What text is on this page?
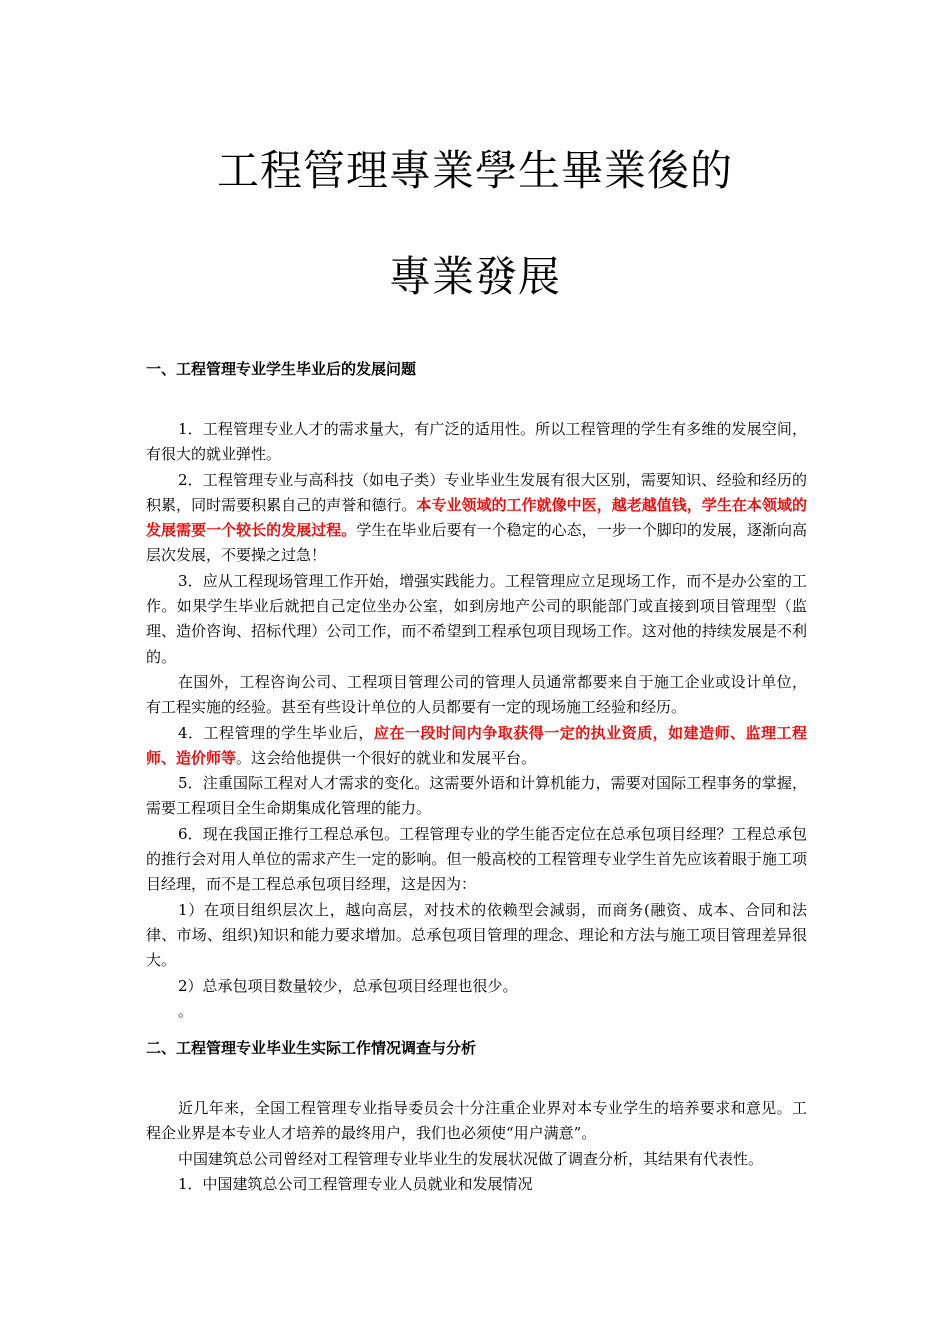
工程管理專業學生畢業後的
專業發展
一、工程管理专业学生毕业后的发展问题

1．工程管理专业人才的需求量大，有广泛的适用性。所以工程管理的学生有多维的发展空间，有很大的就业弹性。

2．工程管理专业与高科技（如电子类）专业毕业生发展有很大区别，需要知识、经验和经历的积累，同时需要积累自己的声誉和德行。本专业领域的工作就像中医，越老越值钱，学生在本领域的发展需要一个较长的发展过程。学生在毕业后要有一个稳定的心态，一步一个脚印的发展，逐渐向高层次发展，不要操之过急！

3．应从工程现场管理工作开始，增强实践能力。工程管理应立足现场工作，而不是办公室的工作。如果学生毕业后就把自己定位坐办公室，如到房地产公司的职能部门或直接到项目管理型（监理、造价咨询、招标代理）公司工作，而不希望到工程承包项目现场工作。这对他的持续发展是不利的。

在国外，工程咨询公司、工程项目管理公司的管理人员通常都要来自于施工企业或设计单位，有工程实施的经验。甚至有些设计单位的人员都要有一定的现场施工经验和经历。

4．工程管理的学生毕业后，应在一段时间内争取获得一定的执业资质，如建造师、监理工程师、造价师等。这会给他提供一个很好的就业和发展平台。

5．注重国际工程对人才需求的变化。这需要外语和计算机能力，需要对国际工程事务的掌握，需要工程项目全生命期集成化管理的能力。

6．现在我国正推行工程总承包。工程管理专业的学生能否定位在总承包项目经理？工程总承包的推行会对用人单位的需求产生一定的影响。但一般高校的工程管理专业学生首先应该着眼于施工项目经理，而不是工程总承包项目经理，这是因为：

1）在项目组织层次上，越向高层，对技术的依赖型会減弱，而商务(融资、成本、合同和法律、市场、组织)知识和能力要求增加。总承包项目管理的理念、理论和方法与施工项目管理差异很大。

2）总承包项目数量较少，总承包项目经理也很少。

。

二、工程管理专业毕业生实际工作情况调查与分析

近几年来，全国工程管理专业指导委员会十分注重企业界对本专业学生的培养要求和意见。工程企业界是本专业人才培养的最终用户，我们也必须使“用户满意”。

中国建筑总公司曾经对工程管理专业毕业生的发展状况做了调查分析，其结果有代表性。

1．中国建筑总公司工程管理专业人员就业和发展情况
